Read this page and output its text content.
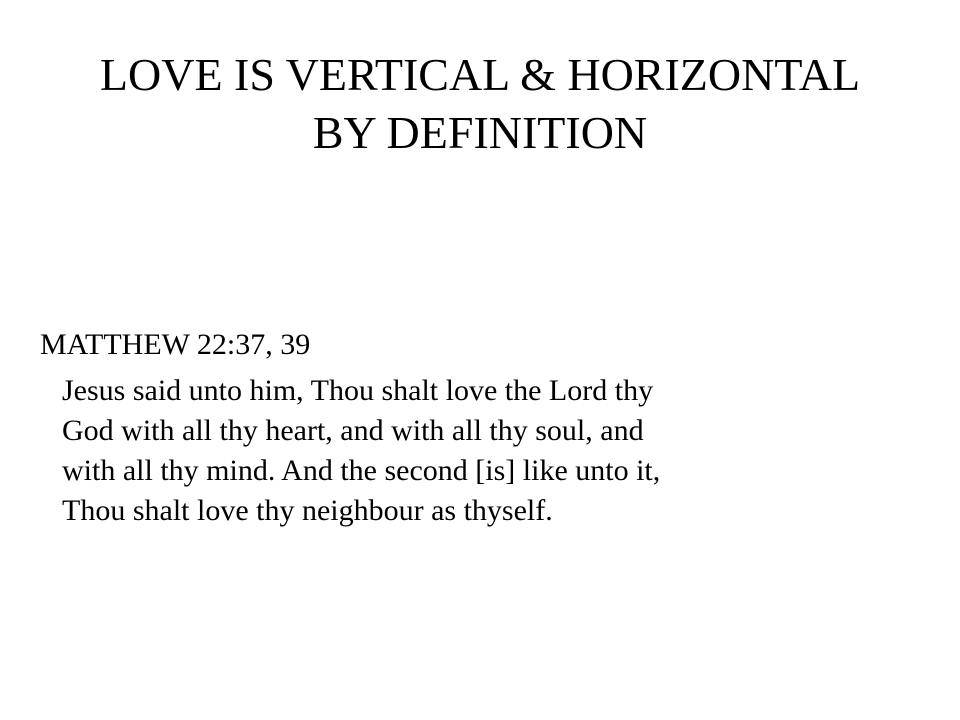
LOVE IS VERTICAL & HORIZONTAL
BY DEFINITION

MATTHEW 22:37, 39

Jesus said unto him, Thou shalt love the Lord thy
God with all thy heart, and with all thy soul, and
with all thy mind. And the second [is] like unto it,
Thou shalt love thy neighbour as thyself.
